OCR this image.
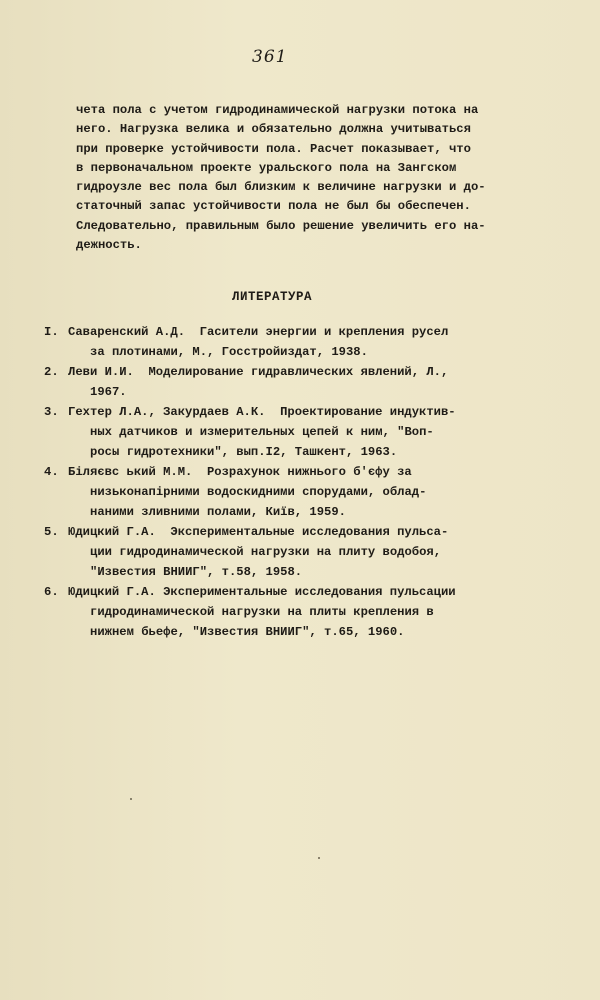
361
чета пола с учетом гидродинамической нагрузки потока на
него. Нагрузка велика и обязательно должна учитываться
при проверке устойчивости пола. Расчет показывает, что
в первоначальном проекте уральского пола на Зангском
гидроузле вес пола был близким к величине нагрузки и до-
статочный запас устойчивости пола не был бы обеспечен.
Следовательно, правильным было решение увеличить его на-
дежность.
ЛИТЕРАТУРА
I. Саваренский А.Д.  Гасители энергии и крепления русел
за плотинами, М., Госстройиздат, 1938.
2. Леви И.И.  Моделирование гидравлических явлений, Л.,
1967.
3. Гехтер Л.А., Закурдаев А.К.  Проектирование индуктив-
ных датчиков и измерительных цепей к ним, "Воп-
росы гидротехники", вып.I2, Ташкент, 1963.
4. Біляєвс ький М.М.  Розрахунок нижнього б'єфу за
низьконапірними водоскидними спорудами, облад-
наними зливними полами, Київ, 1959.
5. Юдицкий Г.А.  Экспериментальные исследования пульса-
ции гидродинамической нагрузки на плиту водобоя,
"Известия ВНИИГ", т.58, 1958.
6. Юдицкий Г.А. Экспериментальные исследования пульсации
гидродинамической нагрузки на плиты крепления в
нижнем бьефе, "Известия ВНИИГ", т.65, 1960.
